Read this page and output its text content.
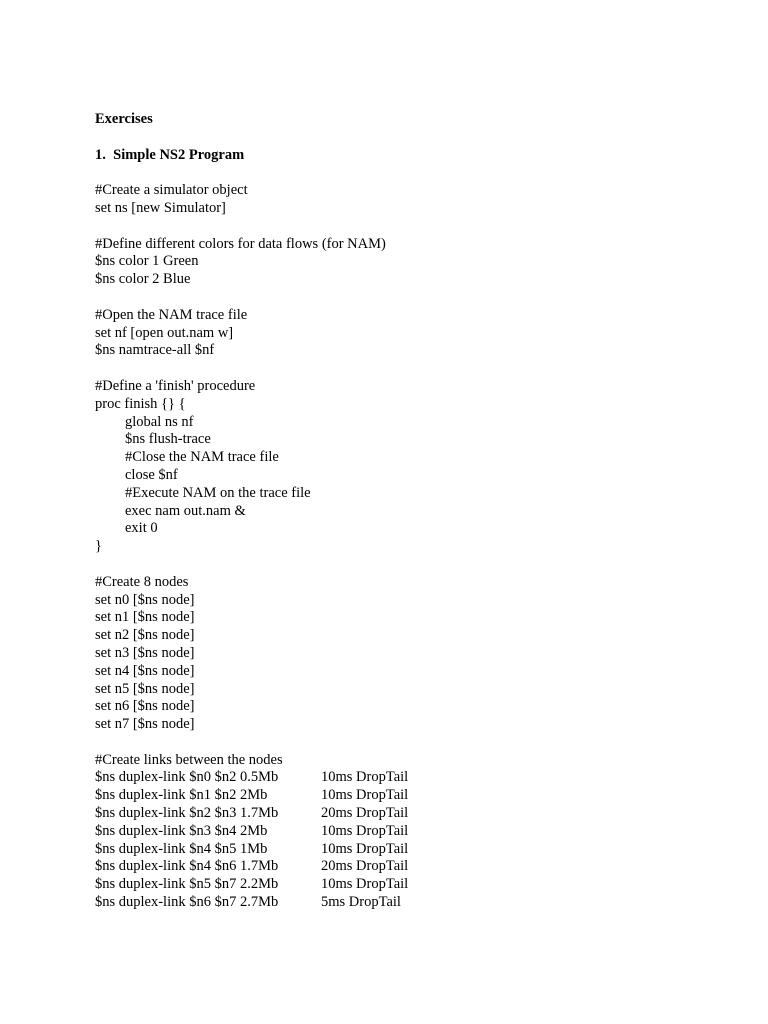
Exercises
1.  Simple NS2 Program
#Create a simulator object
set ns [new Simulator]
#Define different colors for data flows (for NAM)
$ns color 1 Green
$ns color 2 Blue
#Open the NAM trace file
set nf [open out.nam w]
$ns namtrace-all $nf
#Define a 'finish' procedure
proc finish {} {
global ns nf
$ns flush-trace
#Close the NAM trace file
close $nf
#Execute NAM on the trace file
exec nam out.nam &
exit 0
}
#Create 8 nodes
set n0 [$ns node]
set n1 [$ns node]
set n2 [$ns node]
set n3 [$ns node]
set n4 [$ns node]
set n5 [$ns node]
set n6 [$ns node]
set n7 [$ns node]
#Create links between the nodes
$ns duplex-link $n0 $n2 0.5Mb	10ms DropTail
$ns duplex-link $n1 $n2 2Mb	10ms DropTail
$ns duplex-link $n2 $n3 1.7Mb	20ms DropTail
$ns duplex-link $n3 $n4 2Mb	10ms DropTail
$ns duplex-link $n4 $n5 1Mb	10ms DropTail
$ns duplex-link $n4 $n6 1.7Mb	20ms DropTail
$ns duplex-link $n5 $n7 2.2Mb	10ms DropTail
$ns duplex-link $n6 $n7 2.7Mb	5ms DropTail
